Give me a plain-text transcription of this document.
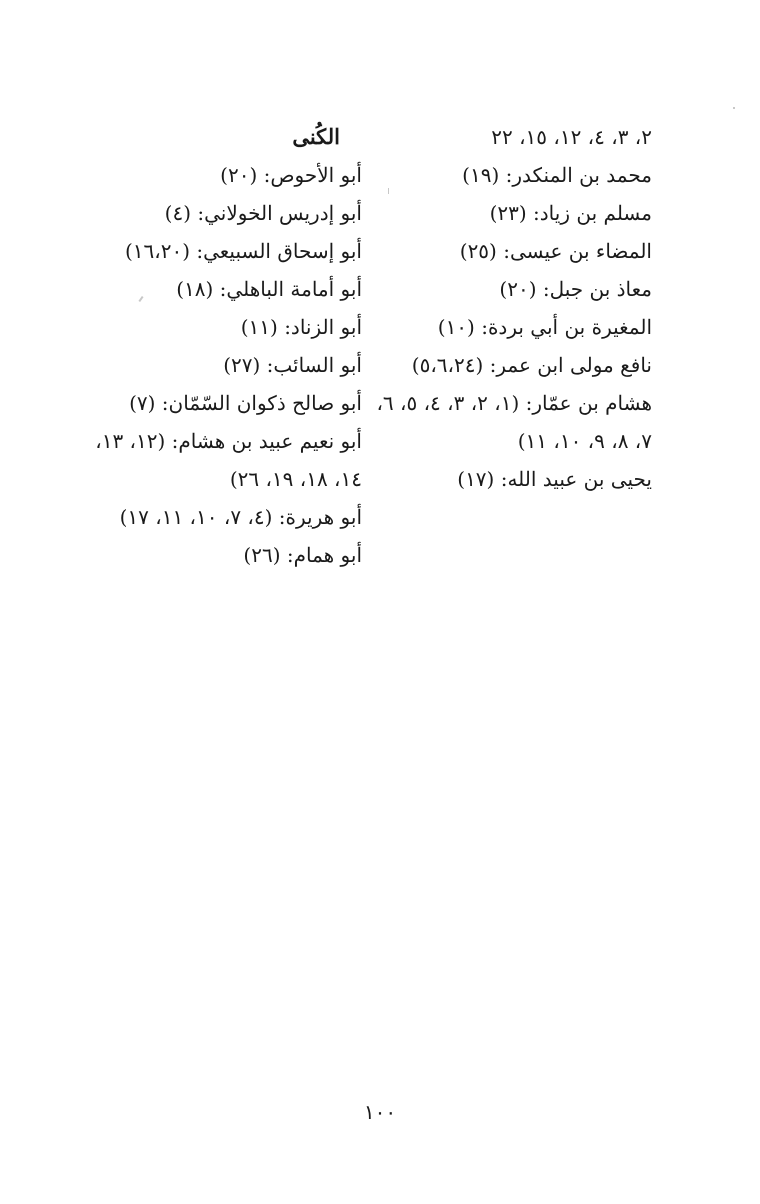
٢، ٣، ٤، ١٢، ١٥، ٢٢
محمد بن المنكدر: (١٩)
مسلم بن زياد: (٢٣)
المضاء بن عيسى: (٢٥)
معاذ بن جبل: (٢٠)
المغيرة بن أبي بردة: (١٠)
نافع مولى ابن عمر: (٥،٦،٢٤)
هشام بن عمّار: (١، ٢، ٣، ٤، ٥، ٦،
٧، ٨، ٩، ١٠، ١١)
يحيى بن عبيد الله: (١٧)
الكُنى
أبو الأحوص: (٢٠)
أبو إدريس الخولاني: (٤)
أبو إسحاق السبيعي: (١٦،٢٠)
أبو أمامة الباهلي: (١٨)
أبو الزناد: (١١)
أبو السائب: (٢٧)
أبو صالح ذكوان السّمّان: (٧)
أبو نعيم عبيد بن هشام: (١٢، ١٣،
١٤، ١٨، ١٩، ٢٦)
أبو هريرة: (٤، ٧، ١٠، ١١، ١٧)
أبو همام: (٢٦)
١٠٠
